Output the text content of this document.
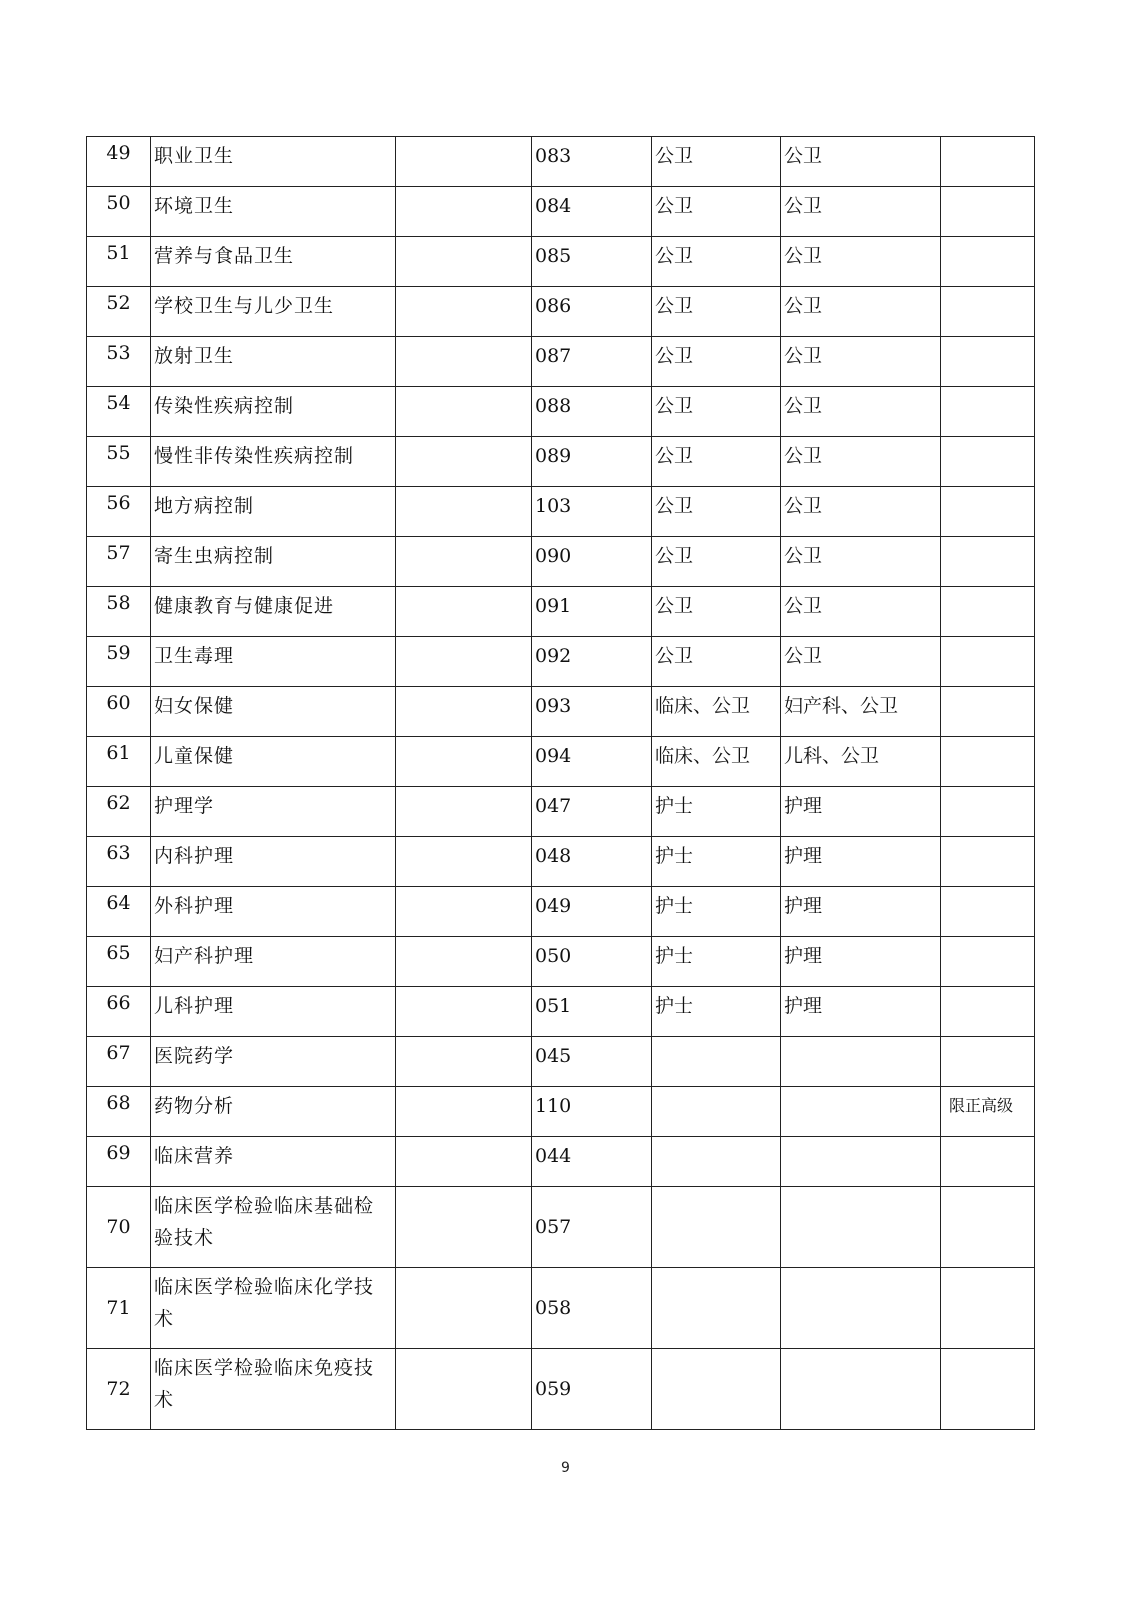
49	职业卫生		083	公卫	公卫	
50	环境卫生		084	公卫	公卫	
51	营养与食品卫生		085	公卫	公卫	
52	学校卫生与儿少卫生		086	公卫	公卫	
53	放射卫生		087	公卫	公卫	
54	传染性疾病控制		088	公卫	公卫	
55	慢性非传染性疾病控制		089	公卫	公卫	
56	地方病控制		103	公卫	公卫	
57	寄生虫病控制		090	公卫	公卫	
58	健康教育与健康促进		091	公卫	公卫	
59	卫生毒理		092	公卫	公卫	
60	妇女保健		093	临床、公卫	妇产科、公卫	
61	儿童保健		094	临床、公卫	儿科、公卫	
62	护理学		047	护士	护理	
63	内科护理		048	护士	护理	
64	外科护理		049	护士	护理	
65	妇产科护理		050	护士	护理	
66	儿科护理		051	护士	护理	
67	医院药学		045			
68	药物分析		110			限正高级
69	临床营养		044			
70	临床医学检验临床基础检验技术		057			
71	临床医学检验临床化学技术		058			
72	临床医学检验临床免疫技术		059			
9
